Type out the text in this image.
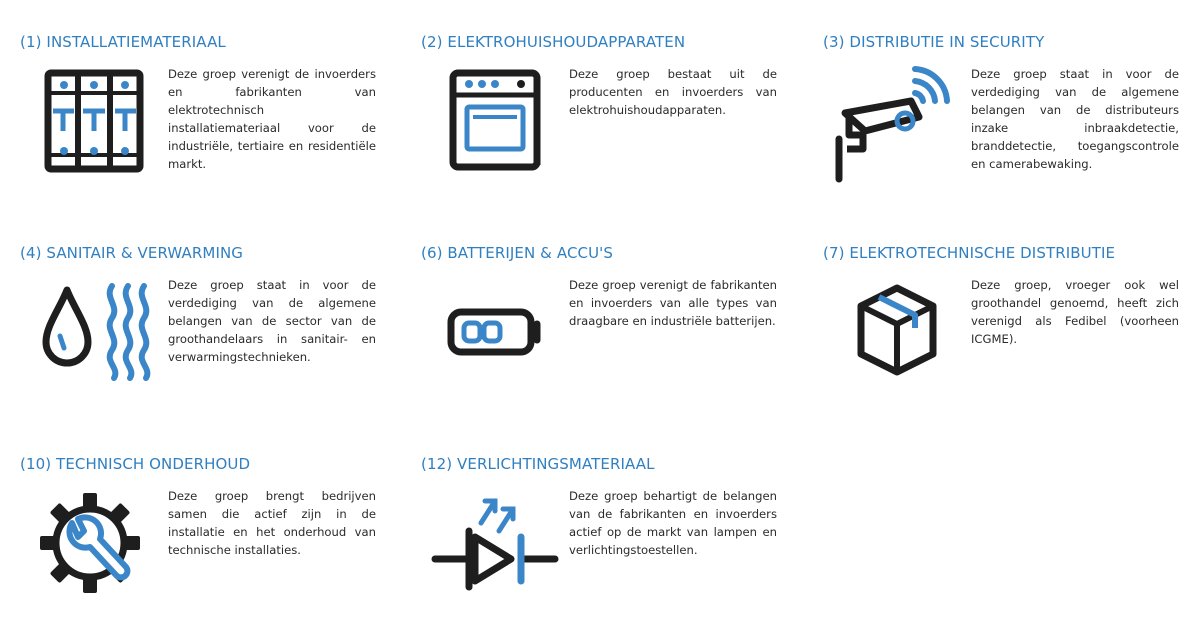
(1) INSTALLATIEMATERIAAL

Deze groep verenigt de invoerders en fabrikanten van elektrotechnisch installatiemateriaal voor de industriële, tertiaire en residentiële markt.

(2) ELEKTROHUISHOUDAPPARATEN

Deze groep bestaat uit de producenten en invoerders van elektrohuishoudapparaten.

(3) DISTRIBUTIE IN SECURITY

Deze groep staat in voor de verdediging van de algemene belangen van de distributeurs inzake inbraakdetectie, branddetectie, toegangscontrole en camerabewaking.

(4) SANITAIR & VERWARMING

Deze groep staat in voor de verdediging van de algemene belangen van de sector van de groothandelaars in sanitair- en verwarmingstechnieken.

(6) BATTERIJEN & ACCU'S

Deze groep verenigt de fabrikanten en invoerders van alle types van draagbare en industriële batterijen.

(7) ELEKTROTECHNISCHE DISTRIBUTIE

Deze groep, vroeger ook wel groothandel genoemd, heeft zich verenigd als Fedibel (voorheen ICGME).

(10) TECHNISCH ONDERHOUD

Deze groep brengt bedrijven samen die actief zijn in de installatie en het onderhoud van technische installaties.

(12) VERLICHTINGSMATERIAAL

Deze groep behartigt de belangen van de fabrikanten en invoerders actief op de markt van lampen en verlichtingstoestellen.
